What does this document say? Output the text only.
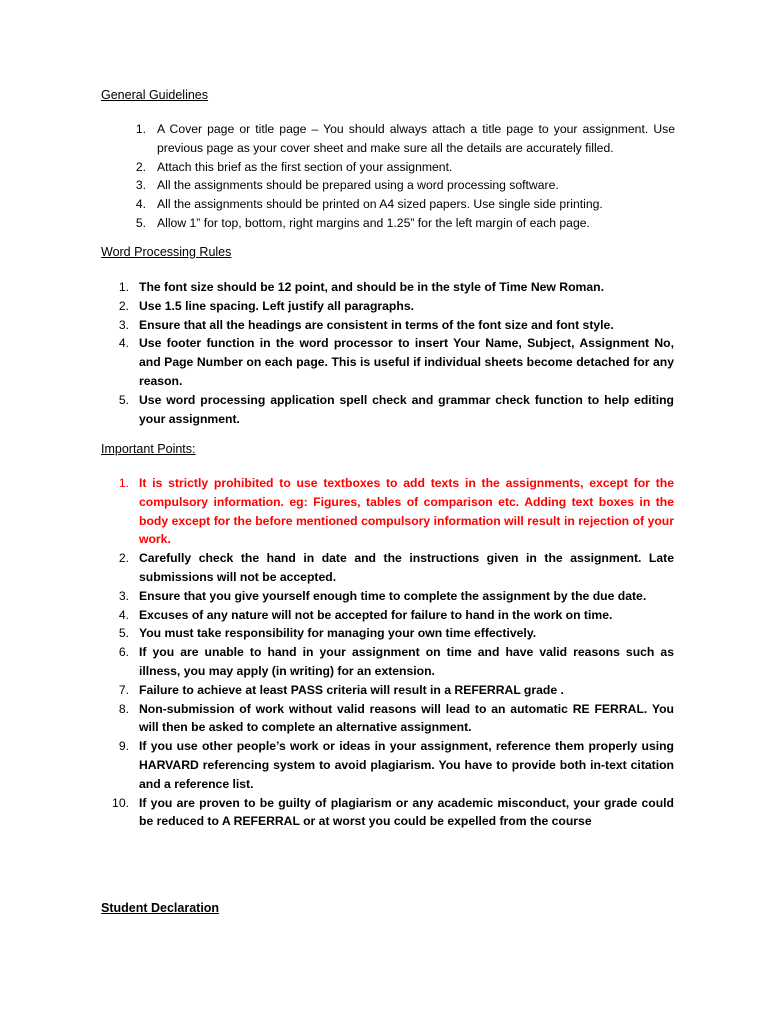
General Guidelines
1. A Cover page or title page – You should always attach a title page to your assignment. Use previous page as your cover sheet and make sure all the details are accurately filled.
2. Attach this brief as the first section of your assignment.
3. All the assignments should be prepared using a word processing software.
4. All the assignments should be printed on A4 sized papers. Use single side printing.
5. Allow 1” for top, bottom, right margins and 1.25” for the left margin of each page.
Word Processing Rules
1. The font size should be 12 point, and should be in the style of Time New Roman.
2. Use 1.5 line spacing. Left justify all paragraphs.
3. Ensure that all the headings are consistent in terms of the font size and font style.
4. Use footer function in the word processor to insert Your Name, Subject, Assignment No, and Page Number on each page. This is useful if individual sheets become detached for any reason.
5. Use word processing application spell check and grammar check function to help editing your assignment.
Important Points:
1. It is strictly prohibited to use textboxes to add texts in the assignments, except for the compulsory information. eg: Figures, tables of comparison etc. Adding text boxes in the body except for the before mentioned compulsory information will result in rejection of your work.
2. Carefully check the hand in date and the instructions given in the assignment. Late submissions will not be accepted.
3. Ensure that you give yourself enough time to complete the assignment by the due date.
4. Excuses of any nature will not be accepted for failure to hand in the work on time.
5. You must take responsibility for managing your own time effectively.
6. If you are unable to hand in your assignment on time and have valid reasons such as illness, you may apply (in writing) for an extension.
7. Failure to achieve at least PASS criteria will result in a REFERRAL grade .
8. Non-submission of work without valid reasons will lead to an automatic RE FERRAL. You will then be asked to complete an alternative assignment.
9. If you use other people’s work or ideas in your assignment, reference them properly using HARVARD referencing system to avoid plagiarism. You have to provide both in-text citation and a reference list.
10. If you are proven to be guilty of plagiarism or any academic misconduct, your grade could be reduced to A REFERRAL or at worst you could be expelled from the course
Student Declaration
